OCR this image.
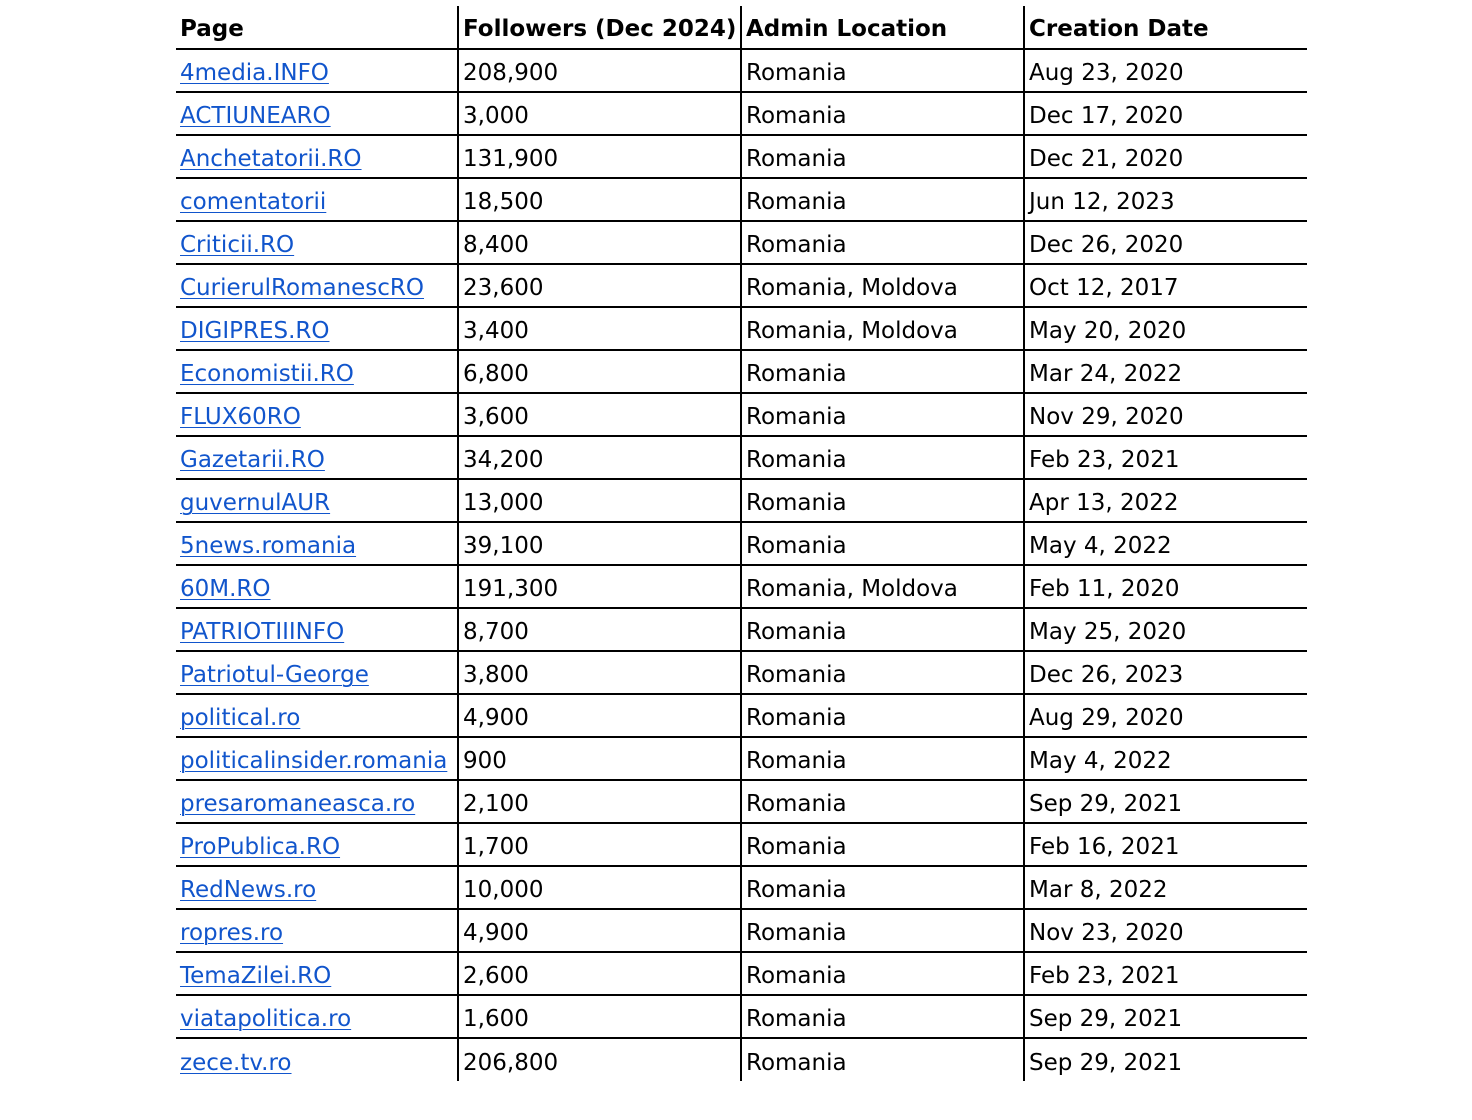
Page	Followers (Dec 2024)	Admin Location	Creation Date
4media.INFO	208,900	Romania	Aug 23, 2020
ACTIUNEARO	3,000	Romania	Dec 17, 2020
Anchetatorii.RO	131,900	Romania	Dec 21, 2020
comentatorii	18,500	Romania	Jun 12, 2023
Criticii.RO	8,400	Romania	Dec 26, 2020
CurierulRomanescRO	23,600	Romania, Moldova	Oct 12, 2017
DIGIPRES.RO	3,400	Romania, Moldova	May 20, 2020
Economistii.RO	6,800	Romania	Mar 24, 2022
FLUX60RO	3,600	Romania	Nov 29, 2020
Gazetarii.RO	34,200	Romania	Feb 23, 2021
guvernulAUR	13,000	Romania	Apr 13, 2022
5news.romania	39,100	Romania	May 4, 2022
60M.RO	191,300	Romania, Moldova	Feb 11, 2020
PATRIOTIIINFO	8,700	Romania	May 25, 2020
Patriotul-George	3,800	Romania	Dec 26, 2023
political.ro	4,900	Romania	Aug 29, 2020
politicalinsider.romania	900	Romania	May 4, 2022
presaromaneasca.ro	2,100	Romania	Sep 29, 2021
ProPublica.RO	1,700	Romania	Feb 16, 2021
RedNews.ro	10,000	Romania	Mar 8, 2022
ropres.ro	4,900	Romania	Nov 23, 2020
TemaZilei.RO	2,600	Romania	Feb 23, 2021
viatapolitica.ro	1,600	Romania	Sep 29, 2021
zece.tv.ro	206,800	Romania	Sep 29, 2021
